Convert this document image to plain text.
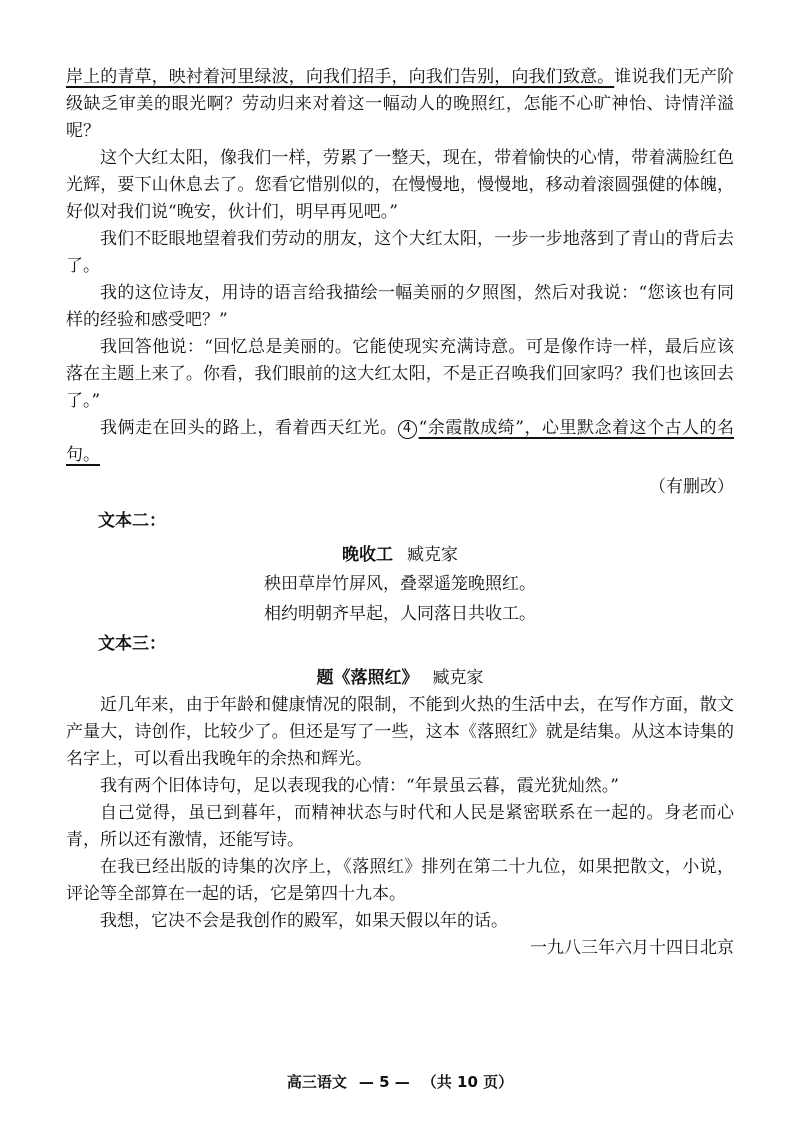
岸上的青草，映衬着河里绿波，向我们招手，向我们告别，向我们致意。谁说我们无产阶级缺乏审美的眼光啊？劳动归来对着这一幅动人的晚照红，怎能不心旷神怡、诗情洋溢呢？

这个大红太阳，像我们一样，劳累了一整天，现在，带着愉快的心情，带着满脸红色光辉，要下山休息去了。您看它惜别似的，在慢慢地，慢慢地，移动着滚圆强健的体魄，好似对我们说“晚安，伙计们，明早再见吧。”

我们不眨眼地望着我们劳动的朋友，这个大红太阳，一步一步地落到了青山的背后去了。

我的这位诗友，用诗的语言给我描绘一幅美丽的夕照图，然后对我说：“您该也有同样的经验和感受吧？”

我回答他说：“回忆总是美丽的。它能使现实充满诗意。可是像作诗一样，最后应该落在主题上来了。你看，我们眼前的这大红太阳，不是正召唤我们回家吗？我们也该回去了。”

我俩走在回头的路上，看着西天红光。 4 “余霞散成绮”，心里默念着这个古人的名句。

（有删改）

文本二：
晚收工 臧克家
秧田草岸竹屏风，叠翠遥笼晚照红。
相约明朝齐早起，人同落日共收工。
文本三：
题《落照红》 臧克家

近几年来，由于年龄和健康情况的限制，不能到火热的生活中去，在写作方面，散文产量大，诗创作，比较少了。但还是写了一些，这本《落照红》就是结集。从这本诗集的名字上，可以看出我晚年的余热和辉光。

我有两个旧体诗句，足以表现我的心情：“年景虽云暮，霞光犹灿然。”

自己觉得，虽已到暮年，而精神状态与时代和人民是紧密联系在一起的。身老而心青，所以还有激情，还能写诗。

在我已经出版的诗集的次序上，《落照红》排列在第二十九位，如果把散文，小说，评论等全部算在一起的话，它是第四十九本。

我想，它决不会是我创作的殿军，如果天假以年的话。

一九八三年六月十四日北京

高三语文 — 5 — （共 10 页）
